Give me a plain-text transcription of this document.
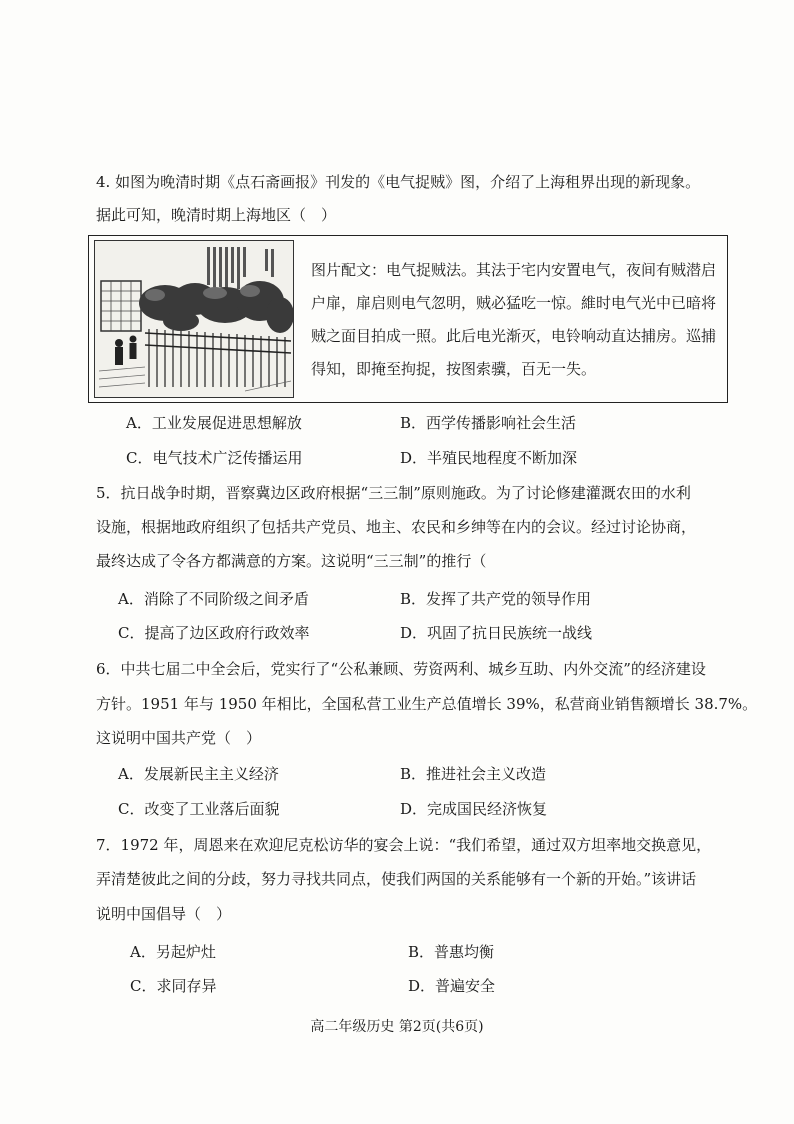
4. 如图为晚清时期《点石斋画报》刊发的《电气捉贼》图，介绍了上海租界出现的新现象。
据此可知，晚清时期上海地区（　）
图片配文：电气捉贼法。其法于宅内安置电气，夜间有贼潜启
户扉，扉启则电气忽明，贼必猛吃一惊。維时电气光中已暗将
贼之面目拍成一照。此后电光渐灭，电铃响动直达捕房。巡捕
得知，即掩至拘捉，按图索骥，百无一失。
A．工业发展促进思想解放	B．西学传播影响社会生活
C．电气技术广泛传播运用	D．半殖民地程度不断加深
5．抗日战争时期，晋察冀边区政府根据“三三制”原则施政。为了讨论修建灌溉农田的水利
设施，根据地政府组织了包括共产党员、地主、农民和乡绅等在内的会议。经过讨论协商，
最终达成了令各方都满意的方案。这说明“三三制”的推行（
A．消除了不同阶级之间矛盾	B．发挥了共产党的领导作用
C．提高了边区政府行政效率	D．巩固了抗日民族统一战线
6．中共七届二中全会后，党实行了“公私兼顾、劳资两利、城乡互助、内外交流”的经济建设
方针。1951 年与 1950 年相比，全国私营工业生产总值增长 39%，私营商业销售额增长 38.7%。
这说明中国共产党（　）
A．发展新民主主义经济	B．推进社会主义改造
C．改变了工业落后面貌	D．完成国民经济恢复
7．1972 年，周恩来在欢迎尼克松访华的宴会上说：“我们希望，通过双方坦率地交换意见，
弄清楚彼此之间的分歧，努力寻找共同点，使我们两国的关系能够有一个新的开始。”该讲话
说明中国倡导（　）
A．另起炉灶	B．普惠均衡
C．求同存异	D．普遍安全
高二年级历史 第2页(共6页)
